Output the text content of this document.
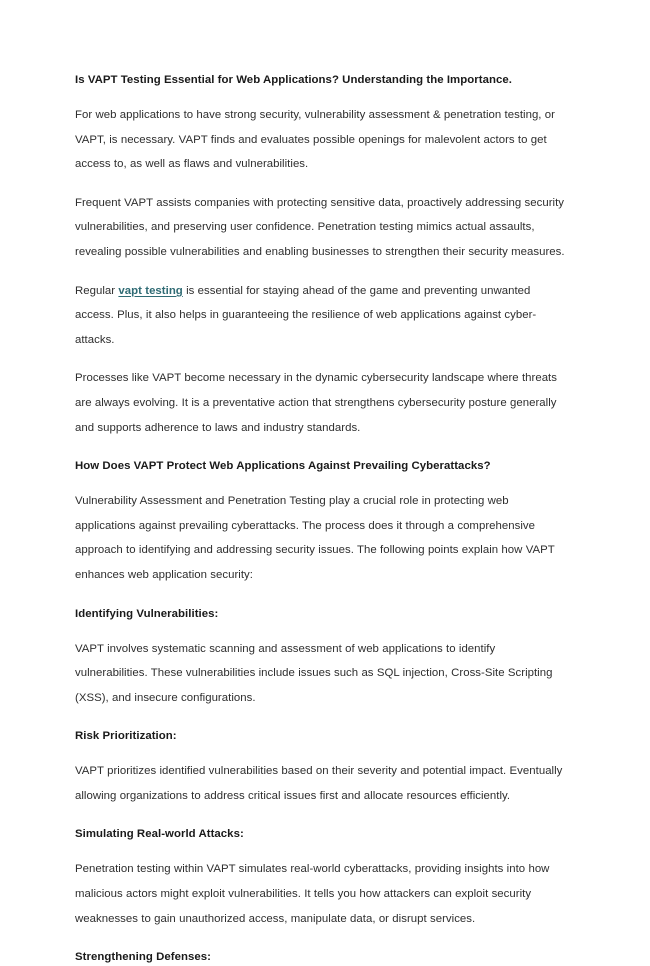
Is VAPT Testing Essential for Web Applications? Understanding the Importance.

For web applications to have strong security, vulnerability assessment & penetration testing, or VAPT, is necessary. VAPT finds and evaluates possible openings for malevolent actors to get access to, as well as flaws and vulnerabilities.

Frequent VAPT assists companies with protecting sensitive data, proactively addressing security vulnerabilities, and preserving user confidence. Penetration testing mimics actual assaults, revealing possible vulnerabilities and enabling businesses to strengthen their security measures.

Regular vapt testing is essential for staying ahead of the game and preventing unwanted access. Plus, it also helps in guaranteeing the resilience of web applications against cyber-attacks.

Processes like VAPT become necessary in the dynamic cybersecurity landscape where threats are always evolving. It is a preventative action that strengthens cybersecurity posture generally and supports adherence to laws and industry standards.

How Does VAPT Protect Web Applications Against Prevailing Cyberattacks?

Vulnerability Assessment and Penetration Testing play a crucial role in protecting web applications against prevailing cyberattacks. The process does it through a comprehensive approach to identifying and addressing security issues. The following points explain how VAPT enhances web application security:

Identifying Vulnerabilities:

VAPT involves systematic scanning and assessment of web applications to identify vulnerabilities. These vulnerabilities include issues such as SQL injection, Cross-Site Scripting (XSS), and insecure configurations.

Risk Prioritization:

VAPT prioritizes identified vulnerabilities based on their severity and potential impact. Eventually allowing organizations to address critical issues first and allocate resources efficiently.

Simulating Real-world Attacks:

Penetration testing within VAPT simulates real-world cyberattacks, providing insights into how malicious actors might exploit vulnerabilities. It tells you how attackers can exploit security weaknesses to gain unauthorized access, manipulate data, or disrupt services.

Strengthening Defenses:
